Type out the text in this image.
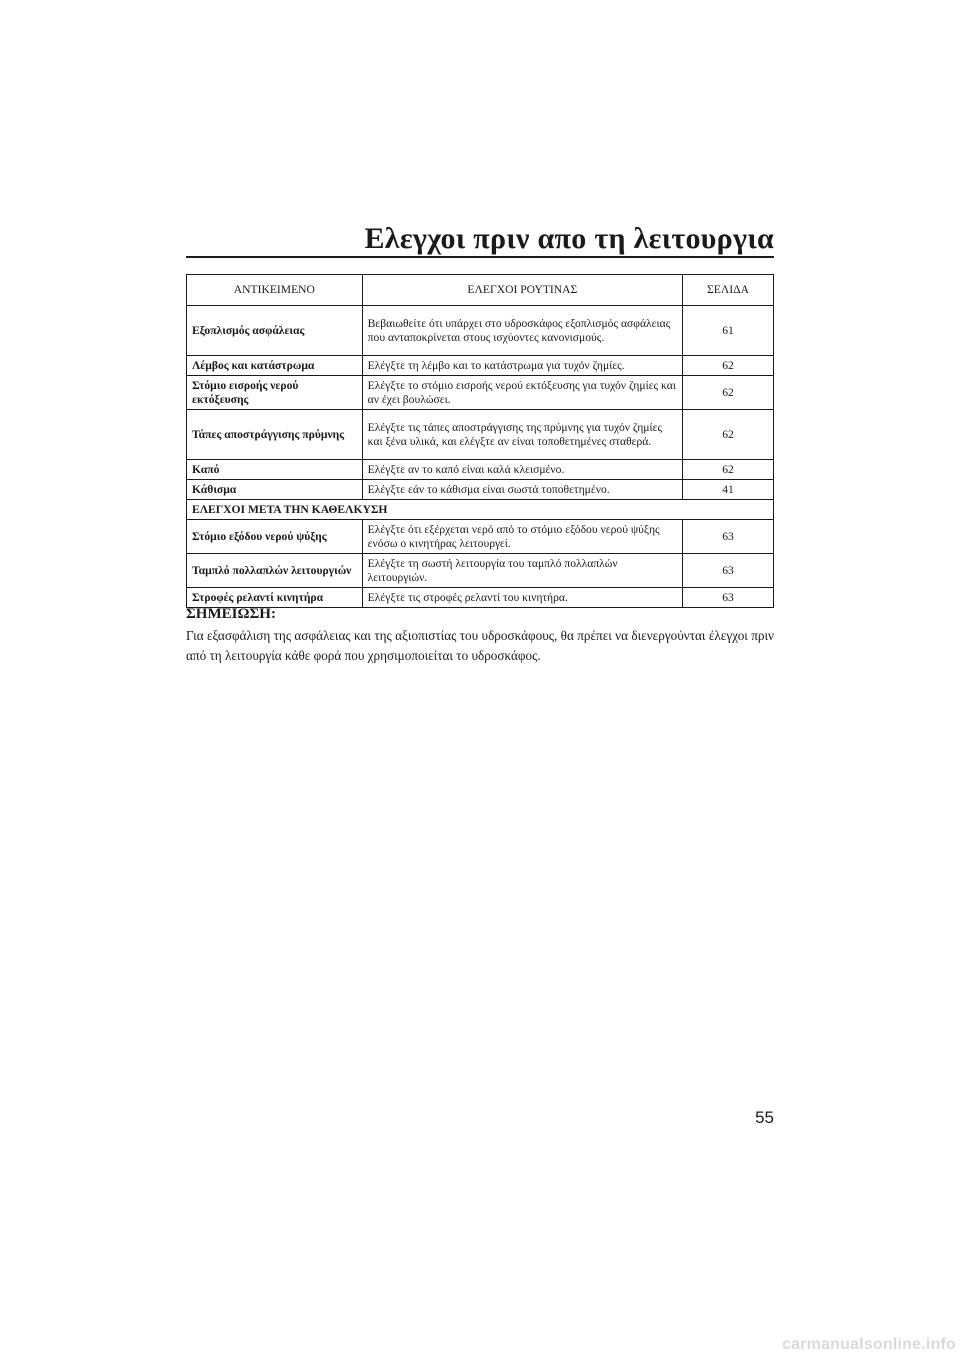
Ελεγχοι πριν απο τη λειτουργια
ΑΝΤΙΚΕΙΜΕΝΟ	ΕΛΕΓΧΟΙ ΡΟΥΤΙΝΑΣ	ΣΕΛΙΔΑ
Εξοπλισμός ασφάλειας	Βεβαιωθείτε ότι υπάρχει στο υδροσκάφος εξοπλισμός ασφάλειας που ανταποκρίνεται στους ισχύοντες κανονισμούς.	61
Λέμβος και κατάστρωμα	Ελέγξτε τη λέμβο και το κατάστρωμα για τυχόν ζημίες.	62
Στόμιο εισροής νερού εκτόξευσης	Ελέγξτε το στόμιο εισροής νερού εκτόξευσης για τυχόν ζημίες και αν έχει βουλώσει.	62
Τάπες αποστράγγισης πρύμνης	Ελέγξτε τις τάπες αποστράγγισης της πρύμνης για τυχόν ζημίες και ξένα υλικά, και ελέγξτε αν είναι τοποθετημένες σταθερά.	62
Καπό	Ελέγξτε αν το καπό είναι καλά κλεισμένο.	62
Κάθισμα	Ελέγξτε εάν το κάθισμα είναι σωστά τοποθετημένο.	41
ΕΛΕΓΧΟΙ ΜΕΤΑ ΤΗΝ ΚΑΘΕΛΚΥΣΗ		
Στόμιο εξόδου νερού ψύξης	Ελέγξτε ότι εξέρχεται νερό από το στόμιο εξόδου νερού ψύξης ενόσω ο κινητήρας λειτουργεί.	63
Ταμπλό πολλαπλών λειτουργιών	Ελέγξτε τη σωστή λειτουργία του ταμπλό πολλαπλών λειτουργιών.	63
Στροφές ρελαντί κινητήρα	Ελέγξτε τις στροφές ρελαντί του κινητήρα.	63
ΣΗΜΕΙΩΣΗ:
Για εξασφάλιση της ασφάλειας και της αξιοπιστίας του υδροσκάφους, θα πρέπει να διενεργούνται έλεγχοι πριν από τη λειτουργία κάθε φορά που χρησιμοποιείται το υδροσκάφος.
55
carmanualsonline.info
